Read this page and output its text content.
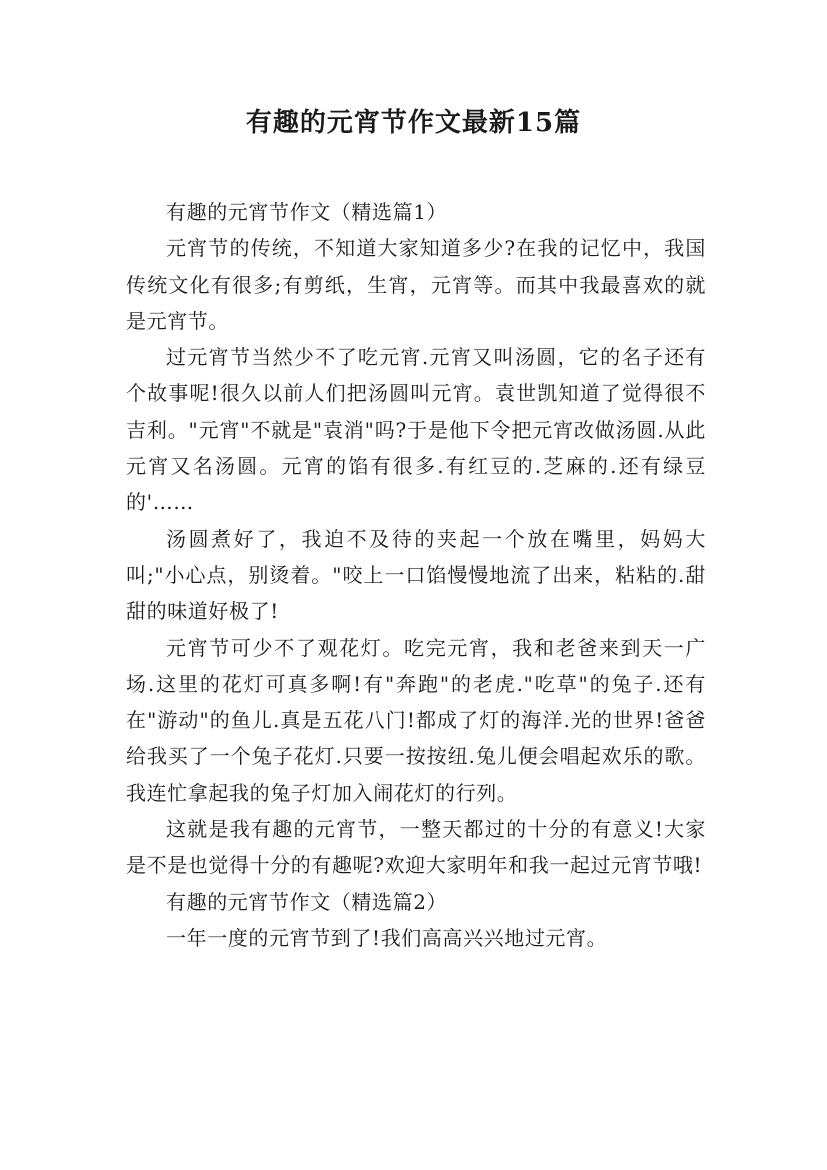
有趣的元宵节作文最新15篇

有趣的元宵节作文（精选篇1）

元宵节的传统，不知道大家知道多少?在我的记忆中，我国传统文化有很多;有剪纸，生宵，元宵等。而其中我最喜欢的就是元宵节。

过元宵节当然少不了吃元宵.元宵又叫汤圆，它的名子还有个故事呢!很久以前人们把汤圆叫元宵。袁世凯知道了觉得很不吉利。"元宵"不就是"袁消"吗?于是他下令把元宵改做汤圆.从此元宵又名汤圆。元宵的馅有很多.有红豆的.芝麻的.还有绿豆的'……

汤圆煮好了，我迫不及待的夹起一个放在嘴里，妈妈大叫;"小心点，别烫着。"咬上一口馅慢慢地流了出来，粘粘的.甜甜的味道好极了!

元宵节可少不了观花灯。吃完元宵，我和老爸来到天一广场.这里的花灯可真多啊!有"奔跑"的老虎."吃草"的兔子.还有在"游动"的鱼儿.真是五花八门!都成了灯的海洋.光的世界!爸爸给我买了一个兔子花灯.只要一按按纽.兔儿便会唱起欢乐的歌。我连忙拿起我的兔子灯加入闹花灯的行列。

这就是我有趣的元宵节，一整天都过的十分的有意义!大家是不是也觉得十分的有趣呢?欢迎大家明年和我一起过元宵节哦!

有趣的元宵节作文（精选篇2）

一年一度的元宵节到了!我们高高兴兴地过元宵。
